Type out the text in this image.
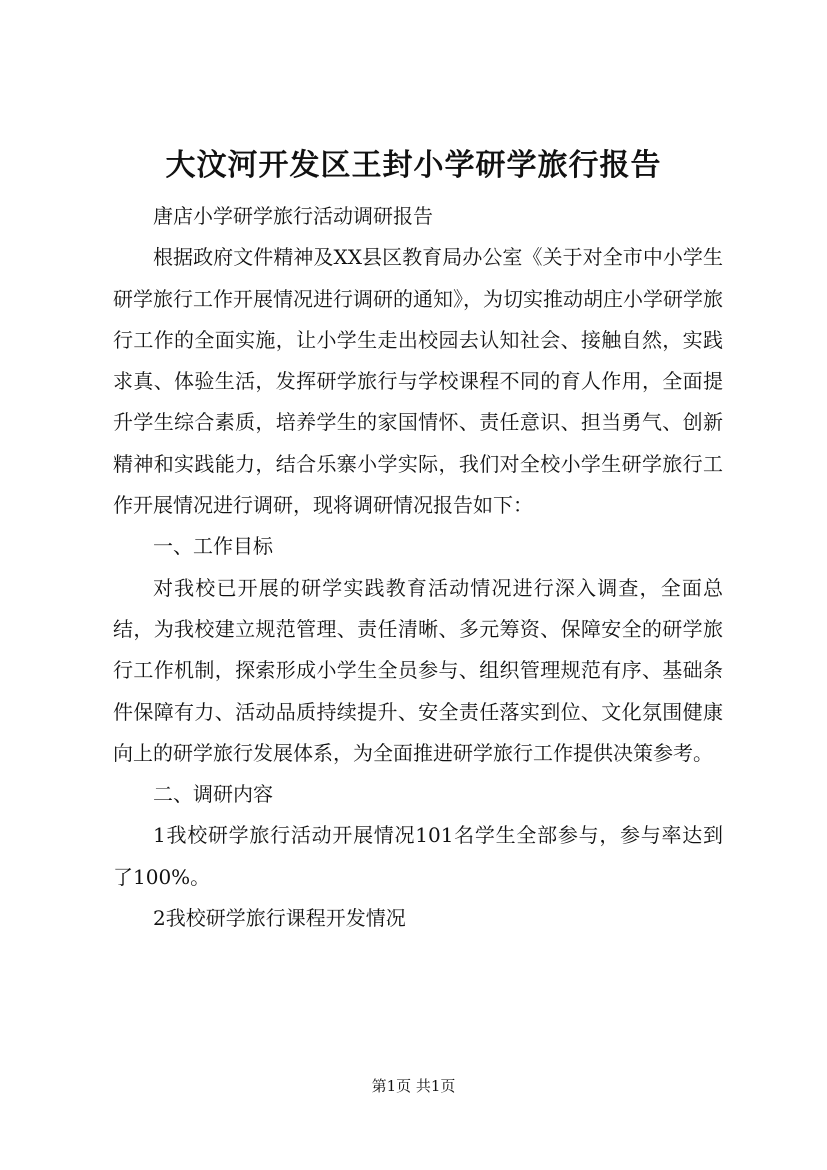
大汶河开发区王封小学研学旅行报告

唐店小学研学旅行活动调研报告

根据政府文件精神及XX县区教育局办公室《关于对全市中小学生研学旅行工作开展情况进行调研的通知》，为切实推动胡庄小学研学旅行工作的全面实施，让小学生走出校园去认知社会、接触自然，实践求真、体验生活，发挥研学旅行与学校课程不同的育人作用，全面提升学生综合素质，培养学生的家国情怀、责任意识、担当勇气、创新精神和实践能力，结合乐寨小学实际，我们对全校小学生研学旅行工作开展情况进行调研，现将调研情况报告如下：

一、工作目标

对我校已开展的研学实践教育活动情况进行深入调查，全面总结，为我校建立规范管理、责任清晰、多元筹资、保障安全的研学旅行工作机制，探索形成小学生全员参与、组织管理规范有序、基础条件保障有力、活动品质持续提升、安全责任落实到位、文化氛围健康向上的研学旅行发展体系，为全面推进研学旅行工作提供决策参考。

二、调研内容

1我校研学旅行活动开展情况101名学生全部参与，参与率达到了100%。

2我校研学旅行课程开发情况

第1页 共1页
